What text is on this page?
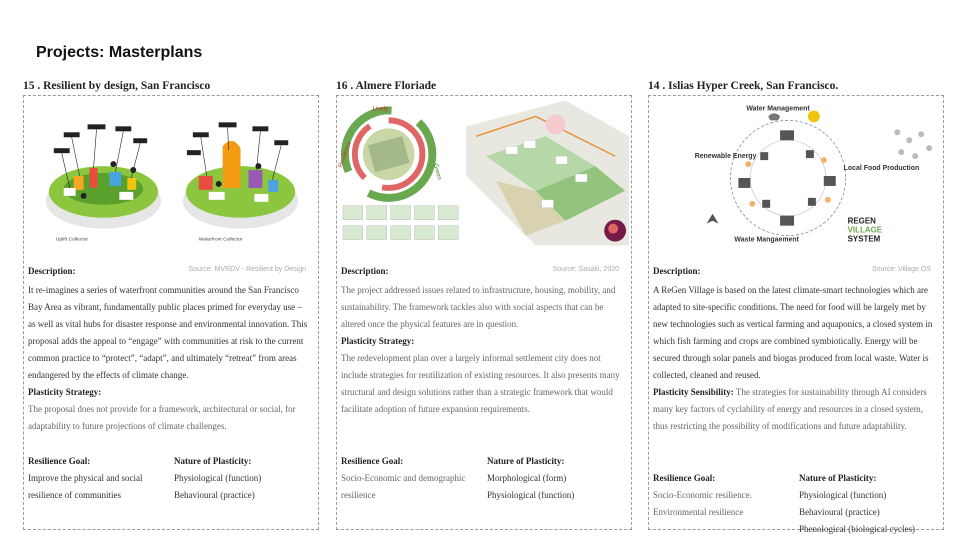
Projects: Masterplans
15 . Resilient by design, San Francisco
Uplift Collector	Waterfront Collector
Description:	Source: MVRDV - Resilient by Design
It re-imagines a series of waterfront communities around the San Francisco Bay Area as vibrant, fundamentally public places primed for everyday use – as well as vital hubs for disaster response and environmental innovation. This proposal adds the appeal to “engage” with communities at risk to the current common practice to “protect”, “adapt”, and ultimately “retreat” from areas endangered by the effects of climate change.
Plasticity Strategy:
The proposal does not provide for a framework, architectural or social, for adaptability to future projections of climate challenges.
Resilience Goal:
Improve the physical and social resilience of communities
Nature of Plasticity:
Physiological (function)
Behavioural (practice)
16 . Almere Floriade
Resilience
Lively
Green
Description:	Source: Sasaki, 2020
The project addressed issues related to infrastructure, housing, mobility, and sustainability. The framework tackles also with social aspects that can be altered once the physical features are in question.
Plasticity Strategy:
The redevelopment plan over a largely informal settlement city does not include strategies for reutilization of existing resources. It also presents many structural and design solutions rather than a strategic framework that would facilitate adoption of future expansion requirements.
Resilience Goal:
Socio-Economic and demographic resilience
Nature of Plasticity:
Morphological (form)
Physiological (function)
14 . Islias Hyper Creek, San Francisco.
Water Management
Renewable Energy
Local Food Production
Waste Mangaement
REGEN
VILLAGE
SYSTEM
Description:	Source: Village OS
A ReGen Village is based on the latest climate-smart technologies which are adapted to site-specific conditions. The need for food will be largely met by new technologies such as vertical farming and aquaponics, a closed system in which fish farming and crops are combined symbiotically. Energy will be secured through solar panels and biogas produced from local waste. Water is collected, cleaned and reused.
Plasticity Sensibility: The strategies for sustainability through AI considers many key factors of cyclability of energy and resources in a closed system, thus restricting the possibility of modifications and future adaptability.
Resilience Goal:
Socio-Economic resilience. Environmental resilience
Nature of Plasticity:
Physiological (function)
Behavioural (practice)
Phenological (biological cycles)
